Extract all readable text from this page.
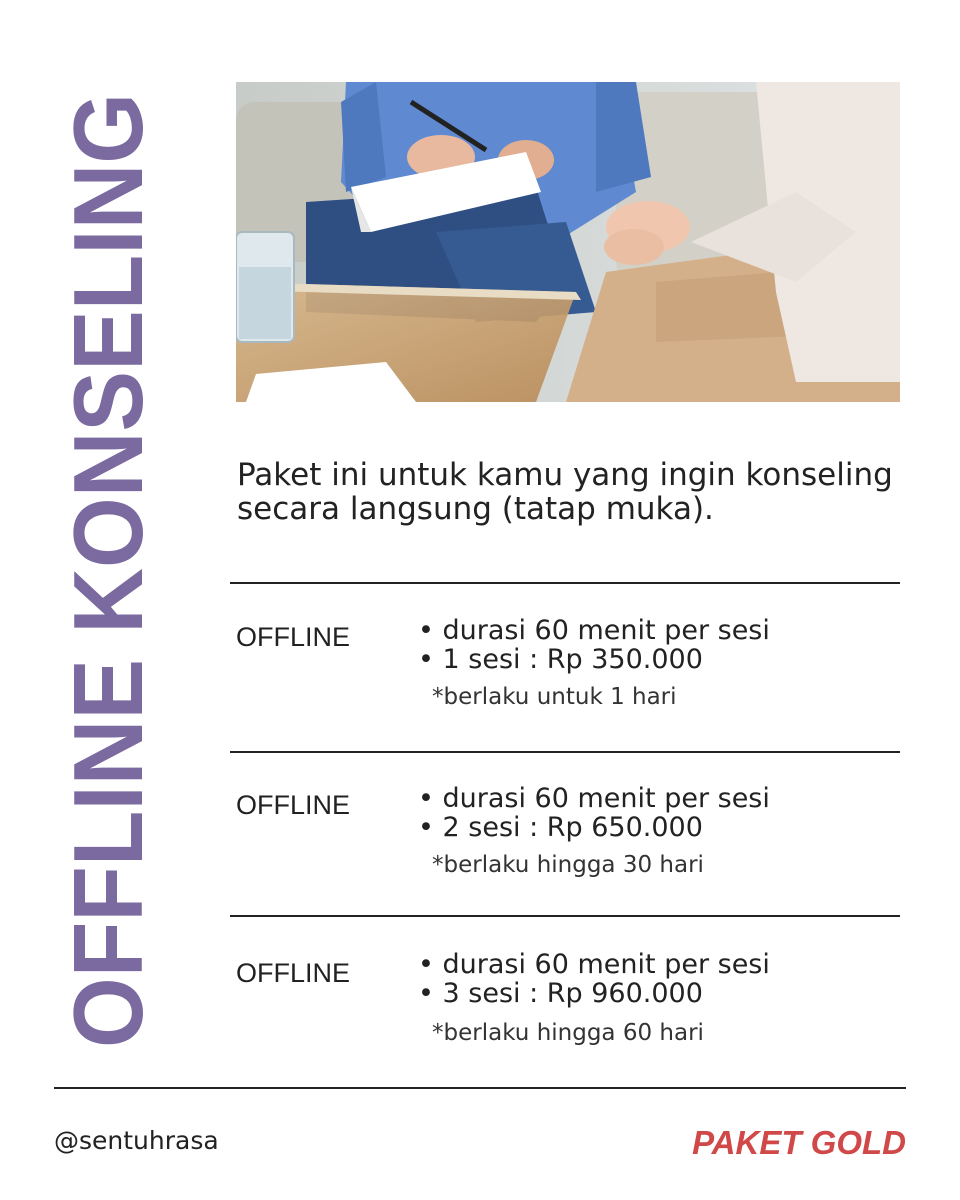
OFFLINE KONSELING Paket ini untuk kamu yang ingin konseling
secara langsung (tatap muka).
OFFLINE	• durasi 60 menit per sesi
• 1 sesi : Rp 350.000
*berlaku untuk 1 hari
OFFLINE	• durasi 60 menit per sesi
• 2 sesi : Rp 650.000
*berlaku hingga 30 hari
OFFLINE	• durasi 60 menit per sesi
• 3 sesi : Rp 960.000
*berlaku hingga 60 hari
@sentuhrasa	PAKET GOLD
